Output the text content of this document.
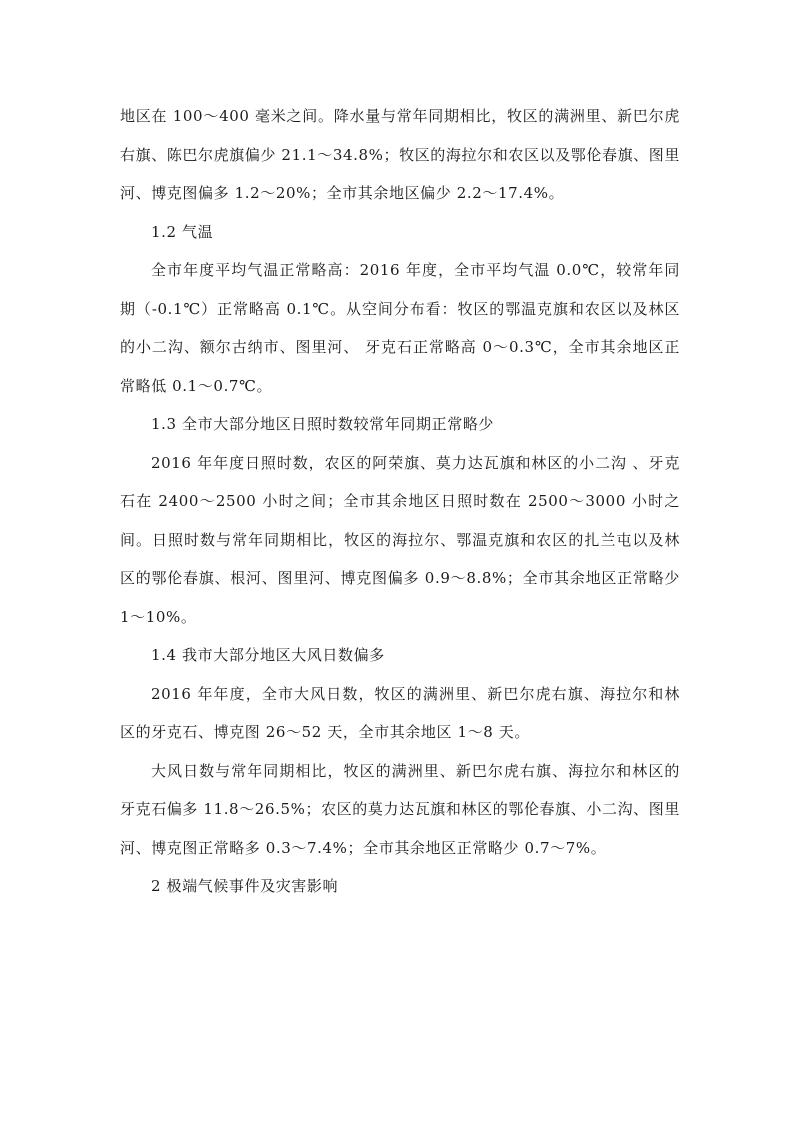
地区在 100～400 毫米之间。降水量与常年同期相比，牧区的满洲里、新巴尔虎右旗、陈巴尔虎旗偏少 21.1～34.8%；牧区的海拉尔和农区以及鄂伦春旗、图里河、博克图偏多 1.2～20%；全市其余地区偏少 2.2～17.4%。

1.2 气温

全市年度平均气温正常略高：2016 年度，全市平均气温 0.0℃，较常年同期（-0.1℃）正常略高 0.1℃。从空间分布看：牧区的鄂温克旗和农区以及林区的小二沟、额尔古纳市、图里河、 牙克石正常略高 0～0.3℃，全市其余地区正常略低 0.1～0.7℃。

1.3 全市大部分地区日照时数较常年同期正常略少

2016 年年度日照时数，农区的阿荣旗、莫力达瓦旗和林区的小二沟 、牙克石在 2400～2500 小时之间；全市其余地区日照时数在 2500～3000 小时之间。日照时数与常年同期相比，牧区的海拉尔、鄂温克旗和农区的扎兰屯以及林区的鄂伦春旗、根河、图里河、博克图偏多 0.9～8.8%；全市其余地区正常略少 1～10%。

1.4 我市大部分地区大风日数偏多

2016 年年度，全市大风日数，牧区的满洲里、新巴尔虎右旗、海拉尔和林区的牙克石、博克图 26～52 天，全市其余地区 1～8 天。

大风日数与常年同期相比，牧区的满洲里、新巴尔虎右旗、海拉尔和林区的牙克石偏多 11.8～26.5%；农区的莫力达瓦旗和林区的鄂伦春旗、小二沟、图里河、博克图正常略多 0.3～7.4%；全市其余地区正常略少 0.7～7%。

2 极端气候事件及灾害影响
